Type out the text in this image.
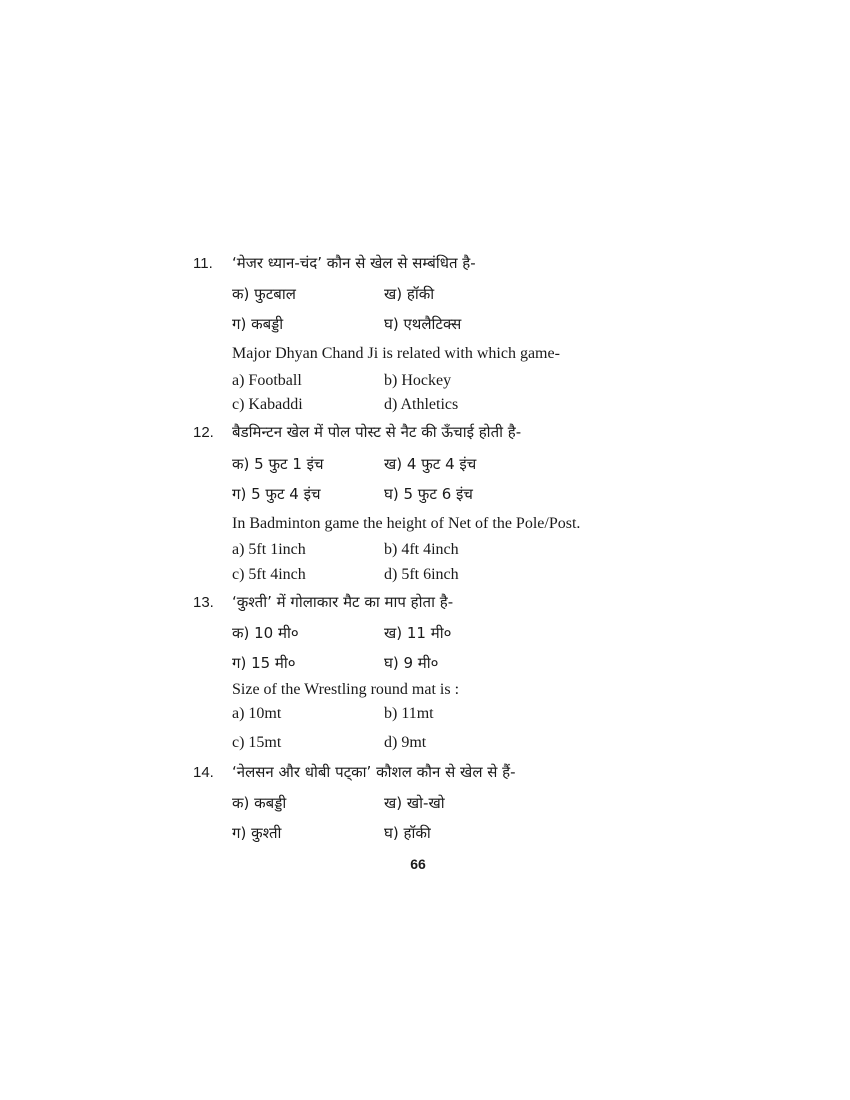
11. ‘मेजर ध्यान-चंद’ कौन से खेल से सम्बंधित है-
क) फुटबाल	ख) हॉकी
ग) कबड्डी	घ) एथलैटिक्स
Major Dhyan Chand Ji is related with which game-
a) Football	b) Hockey
c) Kabaddi	d) Athletics
12. बैडमिन्टन खेल में पोल पोस्ट से नैट की ऊँचाई होती है-
क) 5 फुट 1 इंच	ख) 4 फुट 4 इंच
ग) 5 फुट 4 इंच	घ) 5 फुट 6 इंच
In Badminton game the height of Net of the Pole/Post.
a) 5ft 1inch	b) 4ft 4inch
c) 5ft 4inch	d) 5ft 6inch
13. ‘कुश्ती’ में गोलाकार मैट का माप होता है-
क) 10 मी०	ख) 11 मी०
ग) 15 मी०	घ) 9 मी०
Size of the Wrestling round mat is :
a) 10mt	b) 11mt
c) 15mt	d) 9mt
14. ‘नेलसन और धोबी पट्का’ कौशल कौन से खेल से हैं-
क) कबड्डी	ख) खो-खो
ग) कुश्ती	घ) हॉकी
66
